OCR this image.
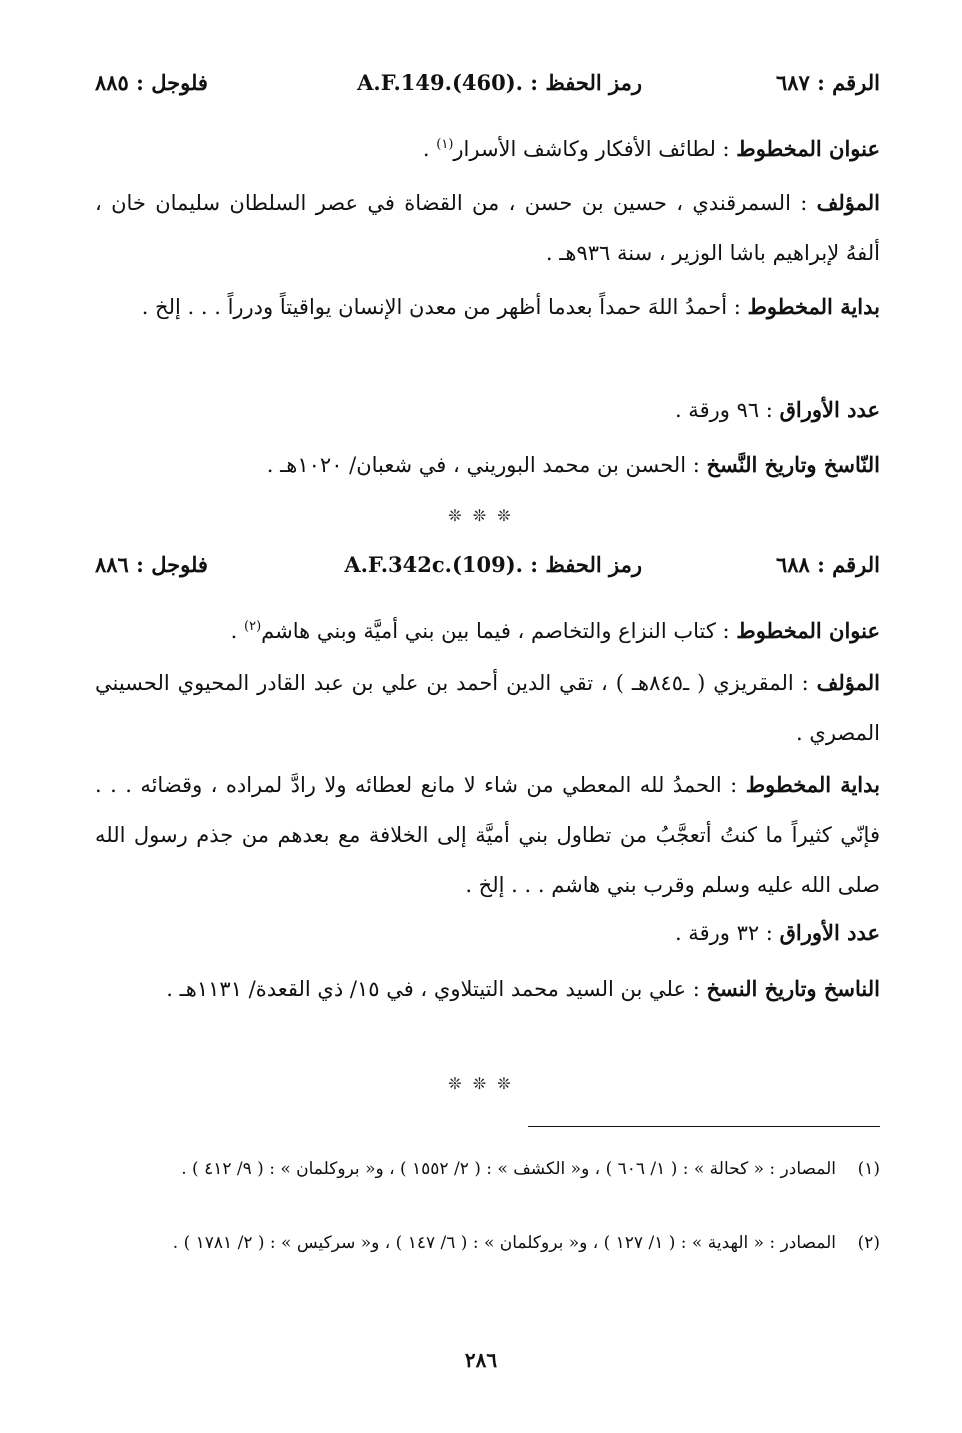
الرقم : ٦٨٧
رمز الحفظ : .A.F.149.(460)
فلوجل : ٨٨٥
عنوان المخطوط : لطائف الأفكار وكاشف الأسرار$^{(١)}$ .
المؤلف : السمرقندي ، حسين بن حسن ، من القضاة في عصر السلطان سليمان خان ، ألفهُ لإبراهيم باشا الوزير ، سنة ٩٣٦هـ .
بداية المخطوط : أحمدُ اللهَ حمداً بعدما أظهر من معدن الإنسان يواقيتاً ودرراً . . . إلخ .
عدد الأوراق : ٩٦ ورقة .
النّاسخ وتاريخ النَّسخ : الحسن بن محمد البوريني ، في شعبان/ ١٠٢٠هـ .
❊ ❊ ❊
الرقم : ٦٨٨
رمز الحفظ : .A.F.342c.(109)
فلوجل : ٨٨٦
عنوان المخطوط : كتاب النزاع والتخاصم ، فيما بين بني أميَّة وبني هاشم$^{(٢)}$ .
المؤلف : المقريزي ( ـ٨٤٥هـ ) ، تقي الدين أحمد بن علي بن عبد القادر المحيوي الحسيني المصري .
بداية المخطوط : الحمدُ لله المعطي من شاء لا مانع لعطائه ولا رادَّ لمراده ، وقضائه . . . فإنّي كثيراً ما كنتُ أتعجَّبُ من تطاول بني أميَّة إلى الخلافة مع بعدهم من جذم رسول الله صلى الله عليه وسلم وقرب بني هاشم . . . إلخ .
عدد الأوراق : ٣٢ ورقة .
الناسخ وتاريخ النسخ : علي بن السيد محمد التيتلاوي ، في ١٥/ ذي القعدة/ ١١٣١هـ .
❊ ❊ ❊
(١)المصادر : « كحالة » : ( ١/ ٦٠٦ ) ، و« الكشف » : ( ٢/ ١٥٥٢ ) ، و« بروكلمان » : ( ٩/ ٤١٢ ) .
(٢)المصادر : « الهدية » : ( ١/ ١٢٧ ) ، و« بروكلمان » : ( ٦/ ١٤٧ ) ، و« سركيس » : ( ٢/ ١٧٨١ ) .
٢٨٦
